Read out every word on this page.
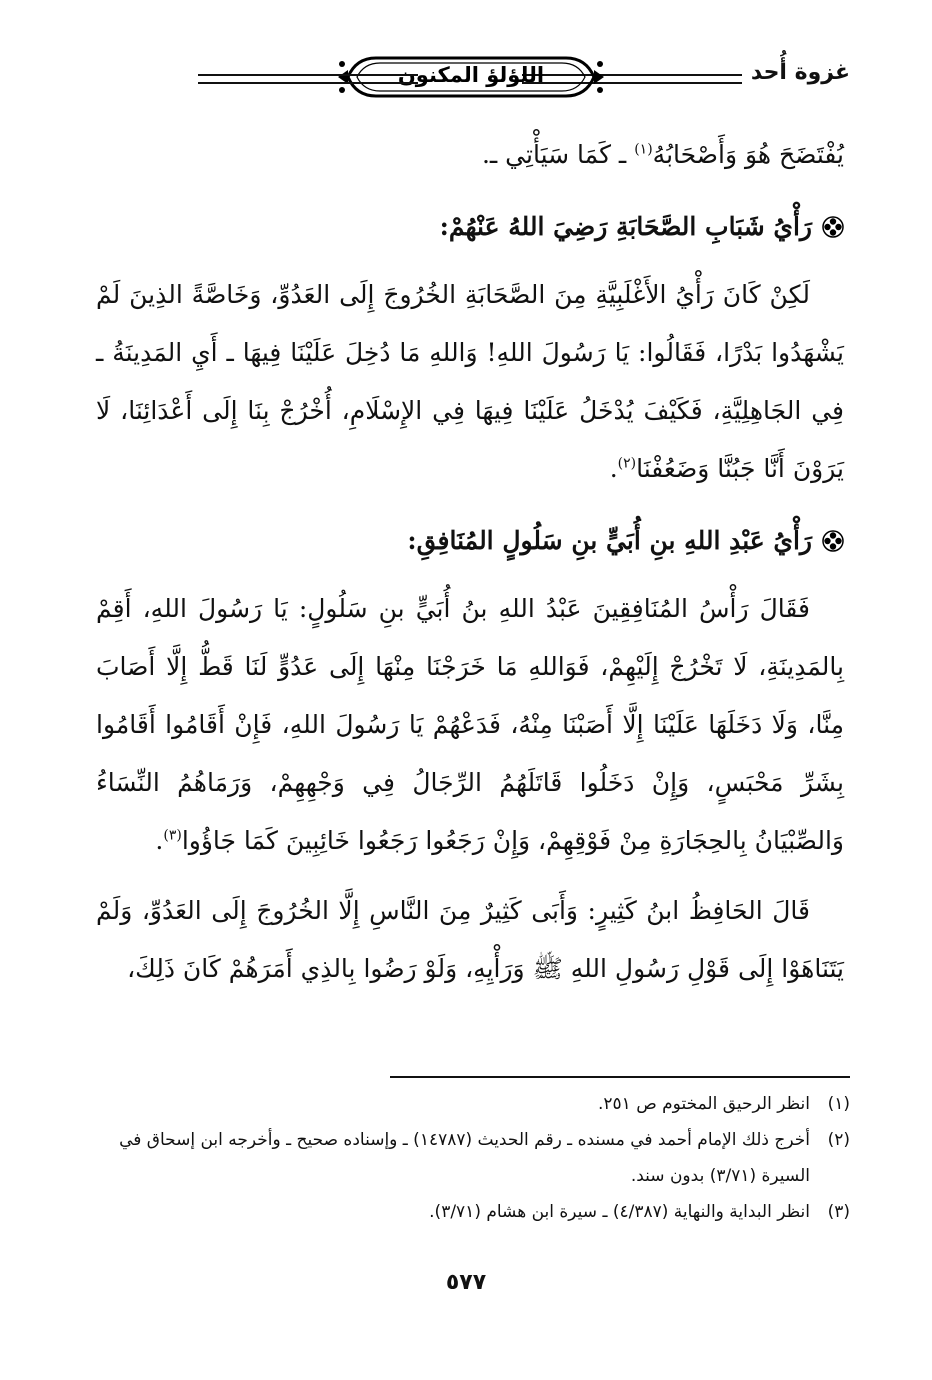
غزوة أُحد
اللؤلؤ المكنون

يُفْتَضَحَ هُوَ وَأَصْحَابُهُ$^{(١)}$ ـ كَمَا سَيَأْتِي ـ.

رَأْيُ شَبَابِ الصَّحَابَةِ رَضِيَ اللهُ عَنْهُمْ:

لَكِنْ كَانَ رَأْيُ الأَغْلَبِيَّةِ مِنَ الصَّحَابَةِ الخُرُوجَ إِلَى العَدُوِّ، وَخَاصَّةً الذِينَ لَمْ يَشْهَدُوا بَدْرًا، فَقَالُوا: يَا رَسُولَ اللهِ! وَاللهِ مَا دُخِلَ عَلَيْنَا فِيهَا ـ أَيِ المَدِينَةُ ـ فِي الجَاهِلِيَّةِ، فَكَيْفَ يُدْخَلُ عَلَيْنَا فِيهَا فِي الإِسْلَامِ، أُخْرُجْ بِنَا إِلَى أَعْدَائِنَا، لَا يَرَوْنَ أَنَّا جَبُنَّا وَضَعُفْنَا$^{(٢)}$.

رَأْيُ عَبْدِ اللهِ بنِ أُبَيٍّ بنِ سَلُولٍ المُنَافِقِ:

فَقَالَ رَأْسُ المُنَافِقِينَ عَبْدُ اللهِ بنُ أُبَيٍّ بنِ سَلُولٍ: يَا رَسُولَ اللهِ، أَقِمْ بِالمَدِينَةِ، لَا تَخْرُجْ إِلَيْهِمْ، فَوَاللهِ مَا خَرَجْنَا مِنْهَا إِلَى عَدُوٍّ لَنَا قَطُّ إِلَّا أَصَابَ مِنَّا، وَلَا دَخَلَهَا عَلَيْنَا إِلَّا أَصَبْنَا مِنْهُ، فَدَعْهُمْ يَا رَسُولَ اللهِ، فَإِنْ أَقَامُوا أَقَامُوا بِشَرِّ مَحْبَسٍ، وَإِنْ دَخَلُوا قَاتَلَهُمُ الرِّجَالُ فِي وَجْهِهِمْ، وَرَمَاهُمُ النِّسَاءُ وَالصِّبْيَانُ بِالحِجَارَةِ مِنْ فَوْقِهِمْ، وَإِنْ رَجَعُوا رَجَعُوا خَائِبِينَ كَمَا جَاؤُوا$^{(٣)}$.

قَالَ الحَافِظُ ابنُ كَثِيرٍ: وَأَبَى كَثِيرٌ مِنَ النَّاسِ إِلَّا الخُرُوجَ إِلَى العَدُوِّ، وَلَمْ يَتَنَاهَوْا إِلَى قَوْلِ رَسُولِ اللهِ ﷺ وَرَأْيِهِ، وَلَوْ رَضُوا بِالذِي أَمَرَهُمْ كَانَ ذَلِكَ،

(١)
انظر الرحيق المختوم ص ٢٥١.
(٢)
أخرج ذلك الإمام أحمد في مسنده ـ رقم الحديث (١٤٧٨٧) ـ وإسناده صحيح ـ وأخرجه ابن إسحاق في السيرة (٣/٧١) بدون سند.
(٣)
انظر البداية والنهاية (٤/٣٨٧) ـ سيرة ابن هشام (٣/٧١).
٥٧٧
